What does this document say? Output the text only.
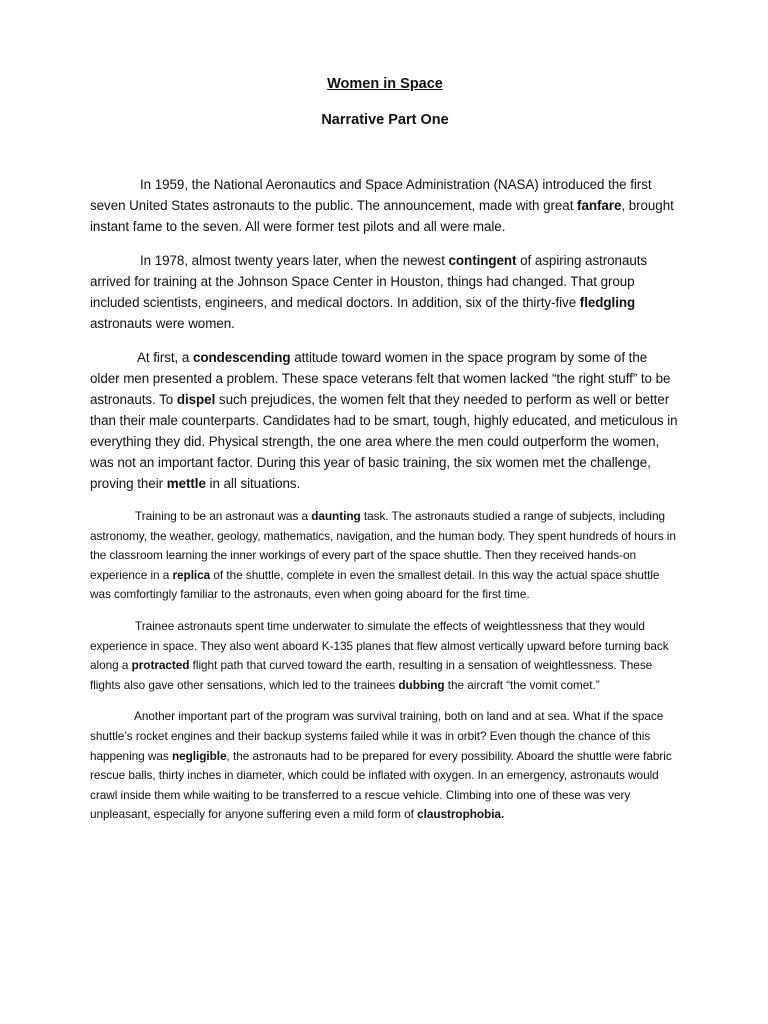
Women in Space
Narrative Part One

In 1959, the National Aeronautics and Space Administration (NASA) introduced the first seven United States astronauts to the public. The announcement, made with great fanfare, brought instant fame to the seven. All were former test pilots and all were male.

In 1978, almost twenty years later, when the newest contingent of aspiring astronauts arrived for training at the Johnson Space Center in Houston, things had changed. That group included scientists, engineers, and medical doctors. In addition, six of the thirty-five fledgling astronauts were women.

At first, a condescending attitude toward women in the space program by some of the older men presented a problem. These space veterans felt that women lacked “the right stuff” to be astronauts. To dispel such prejudices, the women felt that they needed to perform as well or better than their male counterparts. Candidates had to be smart, tough, highly educated, and meticulous in everything they did. Physical strength, the one area where the men could outperform the women, was not an important factor. During this year of basic training, the six women met the challenge, proving their mettle in all situations.

Training to be an astronaut was a daunting task. The astronauts studied a range of subjects, including astronomy, the weather, geology, mathematics, navigation, and the human body. They spent hundreds of hours in the classroom learning the inner workings of every part of the space shuttle. Then they received hands-on experience in a replica of the shuttle, complete in even the smallest detail. In this way the actual space shuttle was comfortingly familiar to the astronauts, even when going aboard for the first time.

Trainee astronauts spent time underwater to simulate the effects of weightlessness that they would experience in space. They also went aboard K-135 planes that flew almost vertically upward before turning back along a protracted flight path that curved toward the earth, resulting in a sensation of weightlessness. These flights also gave other sensations, which led to the trainees dubbing the aircraft “the vomit comet.”

Another important part of the program was survival training, both on land and at sea. What if the space shuttle’s rocket engines and their backup systems failed while it was in orbit? Even though the chance of this happening was negligible, the astronauts had to be prepared for every possibility. Aboard the shuttle were fabric rescue balls, thirty inches in diameter, which could be inflated with oxygen. In an emergency, astronauts would crawl inside them while waiting to be transferred to a rescue vehicle. Climbing into one of these was very unpleasant, especially for anyone suffering even a mild form of claustrophobia.
